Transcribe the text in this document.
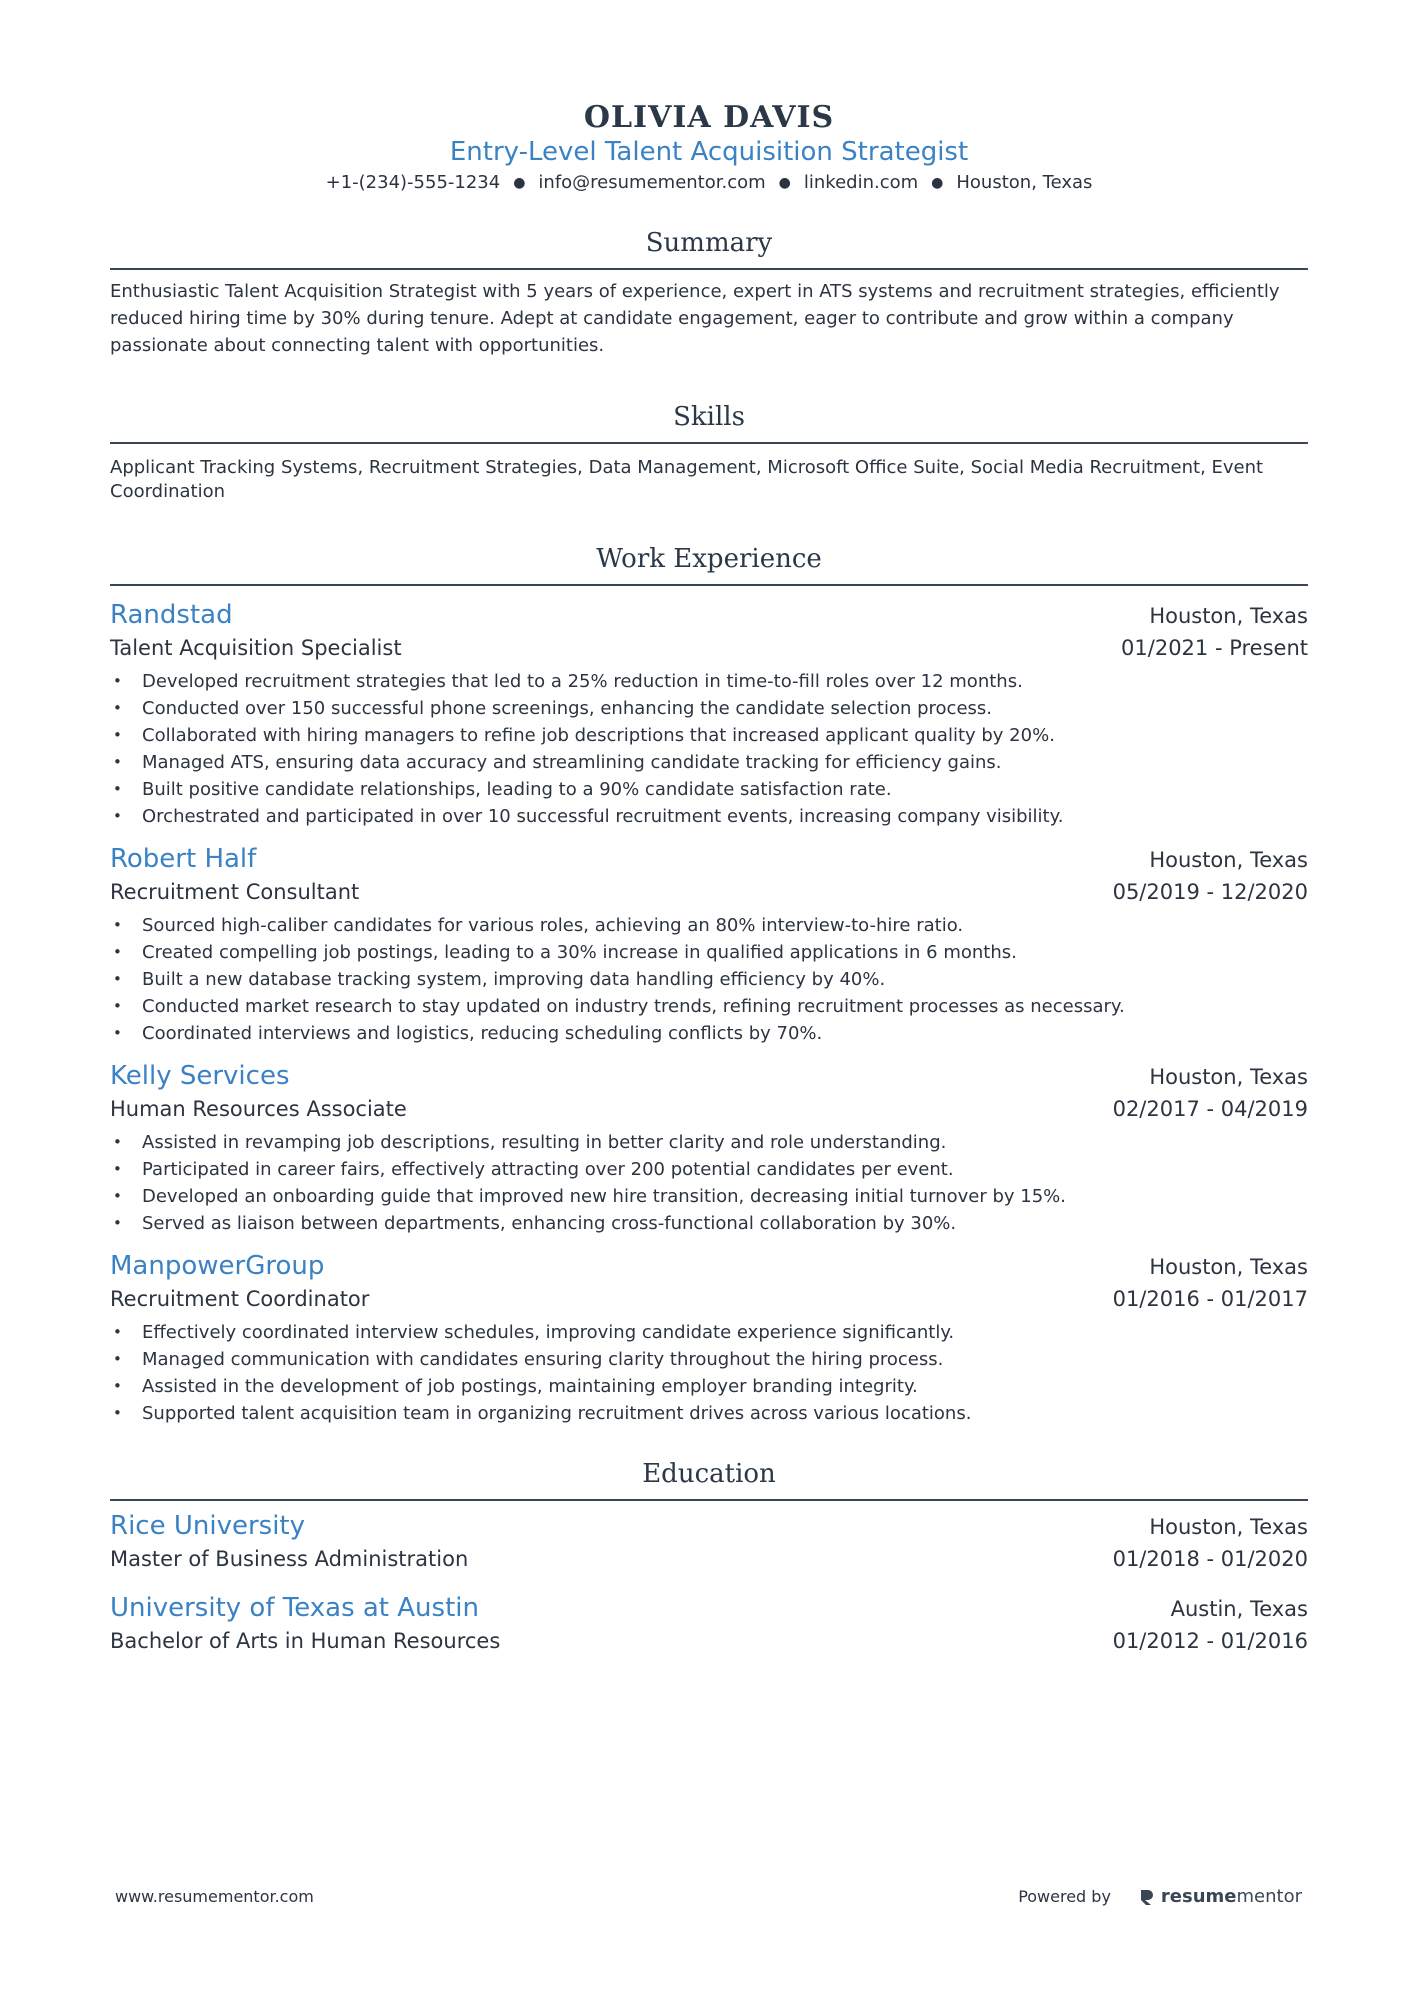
OLIVIA DAVIS
Entry-Level Talent Acquisition Strategist
+1-(234)-555-1234 ● info@resumementor.com ● linkedin.com ● Houston, Texas
Summary

Enthusiastic Talent Acquisition Strategist with 5 years of experience, expert in ATS systems and recruitment strategies, efficiently reduced hiring time by 30% during tenure. Adept at candidate engagement, eager to contribute and grow within a company passionate about connecting talent with opportunities.

Skills

Applicant Tracking Systems, Recruitment Strategies, Data Management, Microsoft Office Suite, Social Media Recruitment, Event Coordination

Work Experience
Randstad	Houston, Texas
Talent Acquisition Specialist	01/2021 - Present
• Developed recruitment strategies that led to a 25% reduction in time-to-fill roles over 12 months.
• Conducted over 150 successful phone screenings, enhancing the candidate selection process.
• Collaborated with hiring managers to refine job descriptions that increased applicant quality by 20%.
• Managed ATS, ensuring data accuracy and streamlining candidate tracking for efficiency gains.
• Built positive candidate relationships, leading to a 90% candidate satisfaction rate.
• Orchestrated and participated in over 10 successful recruitment events, increasing company visibility.
Robert Half	Houston, Texas
Recruitment Consultant	05/2019 - 12/2020
• Sourced high-caliber candidates for various roles, achieving an 80% interview-to-hire ratio.
• Created compelling job postings, leading to a 30% increase in qualified applications in 6 months.
• Built a new database tracking system, improving data handling efficiency by 40%.
• Conducted market research to stay updated on industry trends, refining recruitment processes as necessary.
• Coordinated interviews and logistics, reducing scheduling conflicts by 70%.
Kelly Services	Houston, Texas
Human Resources Associate	02/2017 - 04/2019
• Assisted in revamping job descriptions, resulting in better clarity and role understanding.
• Participated in career fairs, effectively attracting over 200 potential candidates per event.
• Developed an onboarding guide that improved new hire transition, decreasing initial turnover by 15%.
• Served as liaison between departments, enhancing cross-functional collaboration by 30%.
ManpowerGroup	Houston, Texas
Recruitment Coordinator	01/2016 - 01/2017
• Effectively coordinated interview schedules, improving candidate experience significantly.
• Managed communication with candidates ensuring clarity throughout the hiring process.
• Assisted in the development of job postings, maintaining employer branding integrity.
• Supported talent acquisition team in organizing recruitment drives across various locations.
Education
Rice University	Houston, Texas
Master of Business Administration	01/2018 - 01/2020
University of Texas at Austin	Austin, Texas
Bachelor of Arts in Human Resources	01/2012 - 01/2016
www.resumementor.com	Powered by	resume mentor
